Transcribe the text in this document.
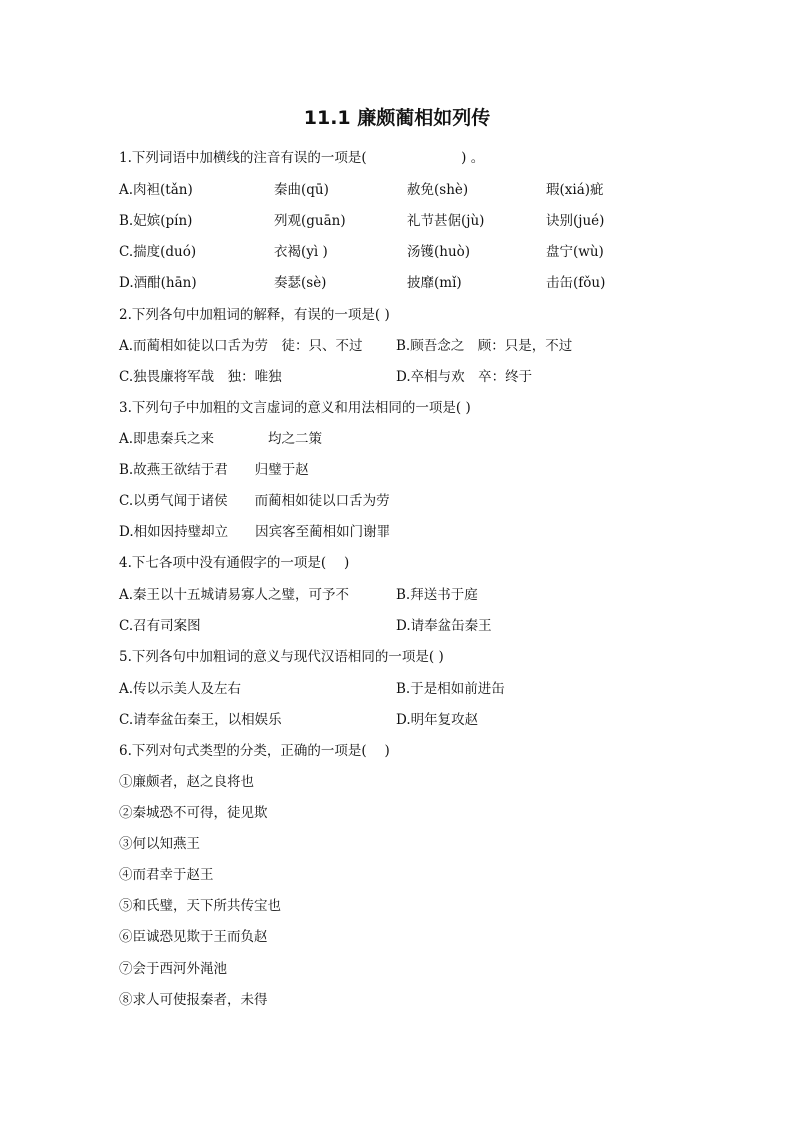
11.1 廉颇蔺相如列传
1.下列词语中加横线的注音有误的一项是(　　　　　　　) 。
A.肉袒(tǎn)	秦曲(qū)	赦免(shè)	瑕(xiá)疵
B.妃嫔(pín)	列观(guān)	礼节甚倨(jù)	诀别(jué)
C.揣度(duó)	衣褐(yì )	汤镬(huò)	盘宁(wù)
D.酒酣(hān)	奏瑟(sè)	披靡(mǐ)	击缶(fǒu)
2.下列各句中加粗词的解释，有误的一项是( )
A.而蔺相如徒以口舌为劳　徒：只、不过 B.顾吾念之　顾：只是，不过
C.独畏廉将军哉　独：唯独	D.卒相与欢　卒：终于
3.下列句子中加粗的文言虚词的意义和用法相同的一项是( )
A.即患秦兵之来　　　　均之二策
B.故燕王欲结于君　　归璧于赵
C.以勇气闻于诸侯　　而蔺相如徒以口舌为劳
D.相如因持璧却立　　因宾客至蔺相如门谢罪
4.下七各项中没有通假字的一项是(　 )
A.秦王以十五城请易寡人之璧，可予不	B.拜送书于庭
C.召有司案图	D.请奉盆缶秦王
5.下列各句中加粗词的意义与现代汉语相同的一项是( )
A.传以示美人及左右	B.于是相如前进缶
C.请奉盆缶秦王，以相娱乐	D.明年复攻赵
6.下列对句式类型的分类，正确的一项是(　 )
①廉颇者，赵之良将也
②秦城恐不可得，徒见欺
③何以知燕王
④而君幸于赵王
⑤和氏璧，天下所共传宝也
⑥臣诚恐见欺于王而负赵
⑦会于西河外渑池
⑧求人可使报秦者，未得
